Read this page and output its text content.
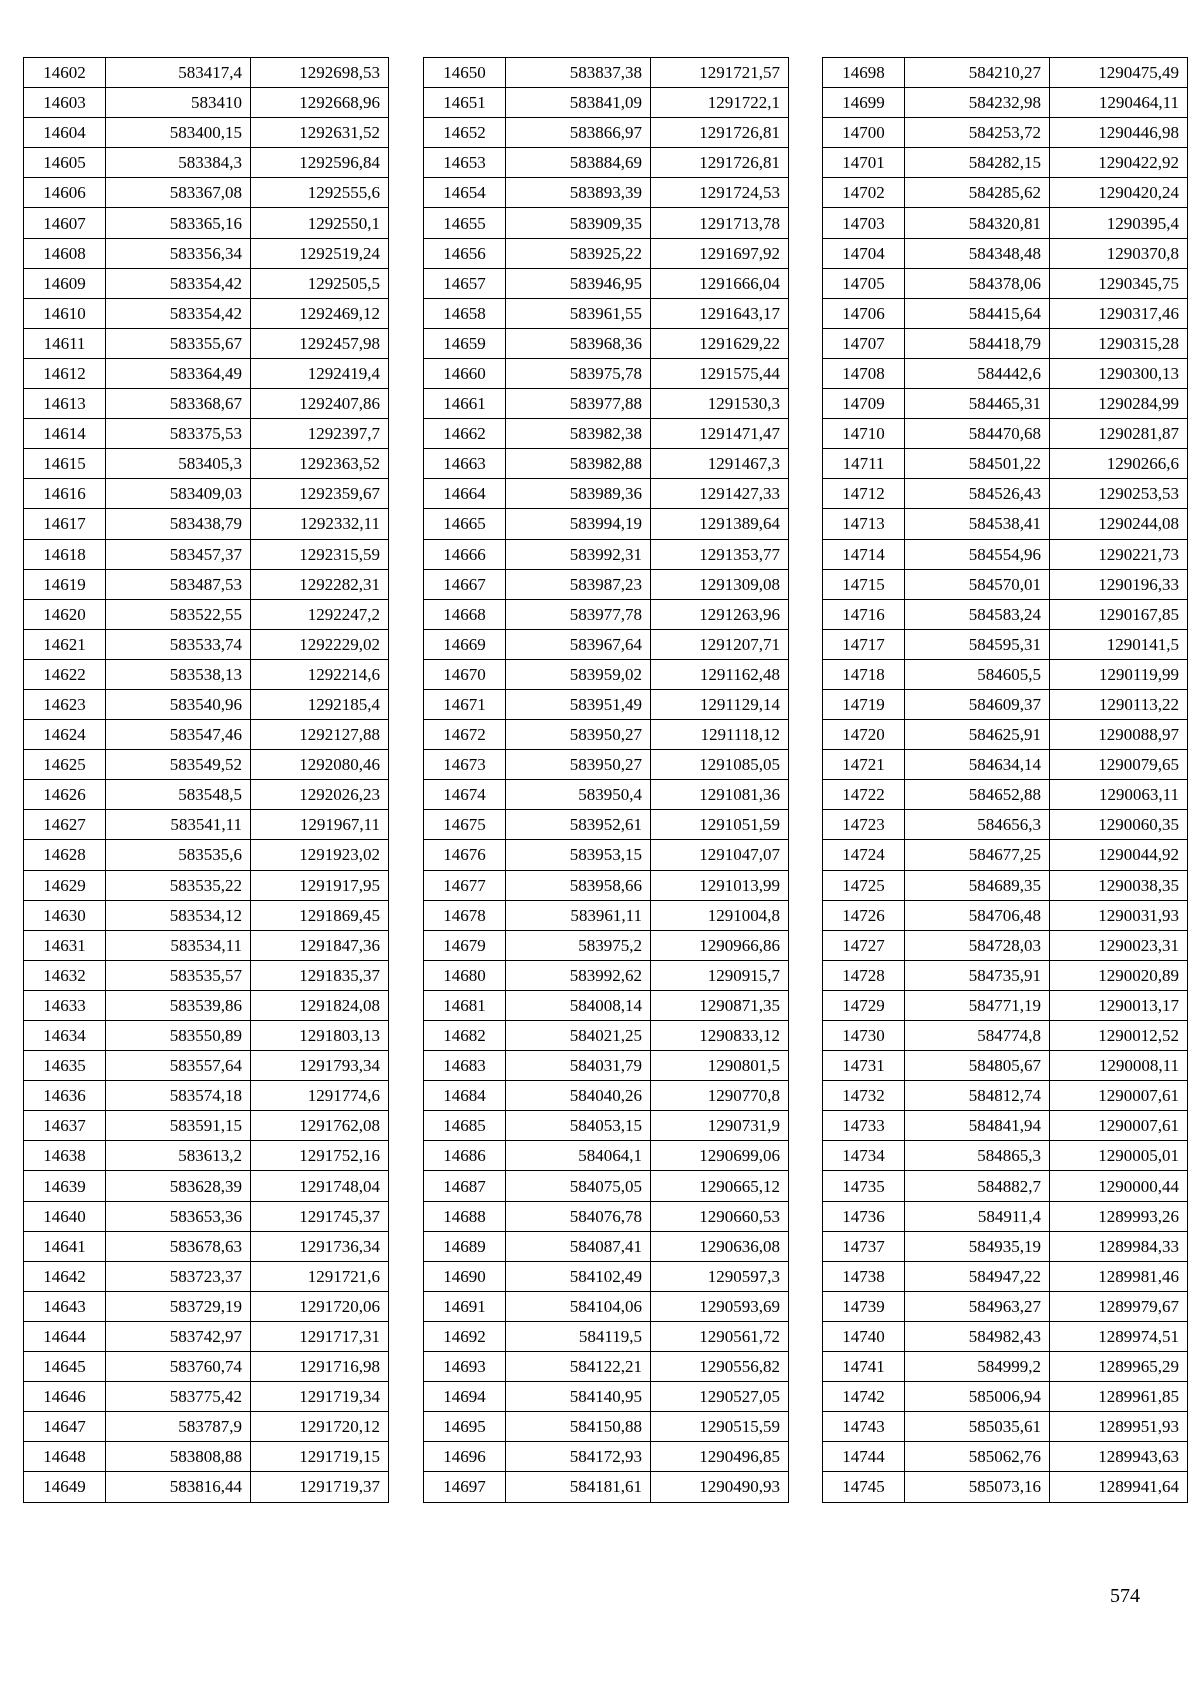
14602	583417,4	1292698,53
14603	583410	1292668,96
14604	583400,15	1292631,52
14605	583384,3	1292596,84
14606	583367,08	1292555,6
14607	583365,16	1292550,1
14608	583356,34	1292519,24
14609	583354,42	1292505,5
14610	583354,42	1292469,12
14611	583355,67	1292457,98
14612	583364,49	1292419,4
14613	583368,67	1292407,86
14614	583375,53	1292397,7
14615	583405,3	1292363,52
14616	583409,03	1292359,67
14617	583438,79	1292332,11
14618	583457,37	1292315,59
14619	583487,53	1292282,31
14620	583522,55	1292247,2
14621	583533,74	1292229,02
14622	583538,13	1292214,6
14623	583540,96	1292185,4
14624	583547,46	1292127,88
14625	583549,52	1292080,46
14626	583548,5	1292026,23
14627	583541,11	1291967,11
14628	583535,6	1291923,02
14629	583535,22	1291917,95
14630	583534,12	1291869,45
14631	583534,11	1291847,36
14632	583535,57	1291835,37
14633	583539,86	1291824,08
14634	583550,89	1291803,13
14635	583557,64	1291793,34
14636	583574,18	1291774,6
14637	583591,15	1291762,08
14638	583613,2	1291752,16
14639	583628,39	1291748,04
14640	583653,36	1291745,37
14641	583678,63	1291736,34
14642	583723,37	1291721,6
14643	583729,19	1291720,06
14644	583742,97	1291717,31
14645	583760,74	1291716,98
14646	583775,42	1291719,34
14647	583787,9	1291720,12
14648	583808,88	1291719,15
14649	583816,44	1291719,37
14650	583837,38	1291721,57
14651	583841,09	1291722,1
14652	583866,97	1291726,81
14653	583884,69	1291726,81
14654	583893,39	1291724,53
14655	583909,35	1291713,78
14656	583925,22	1291697,92
14657	583946,95	1291666,04
14658	583961,55	1291643,17
14659	583968,36	1291629,22
14660	583975,78	1291575,44
14661	583977,88	1291530,3
14662	583982,38	1291471,47
14663	583982,88	1291467,3
14664	583989,36	1291427,33
14665	583994,19	1291389,64
14666	583992,31	1291353,77
14667	583987,23	1291309,08
14668	583977,78	1291263,96
14669	583967,64	1291207,71
14670	583959,02	1291162,48
14671	583951,49	1291129,14
14672	583950,27	1291118,12
14673	583950,27	1291085,05
14674	583950,4	1291081,36
14675	583952,61	1291051,59
14676	583953,15	1291047,07
14677	583958,66	1291013,99
14678	583961,11	1291004,8
14679	583975,2	1290966,86
14680	583992,62	1290915,7
14681	584008,14	1290871,35
14682	584021,25	1290833,12
14683	584031,79	1290801,5
14684	584040,26	1290770,8
14685	584053,15	1290731,9
14686	584064,1	1290699,06
14687	584075,05	1290665,12
14688	584076,78	1290660,53
14689	584087,41	1290636,08
14690	584102,49	1290597,3
14691	584104,06	1290593,69
14692	584119,5	1290561,72
14693	584122,21	1290556,82
14694	584140,95	1290527,05
14695	584150,88	1290515,59
14696	584172,93	1290496,85
14697	584181,61	1290490,93
14698	584210,27	1290475,49
14699	584232,98	1290464,11
14700	584253,72	1290446,98
14701	584282,15	1290422,92
14702	584285,62	1290420,24
14703	584320,81	1290395,4
14704	584348,48	1290370,8
14705	584378,06	1290345,75
14706	584415,64	1290317,46
14707	584418,79	1290315,28
14708	584442,6	1290300,13
14709	584465,31	1290284,99
14710	584470,68	1290281,87
14711	584501,22	1290266,6
14712	584526,43	1290253,53
14713	584538,41	1290244,08
14714	584554,96	1290221,73
14715	584570,01	1290196,33
14716	584583,24	1290167,85
14717	584595,31	1290141,5
14718	584605,5	1290119,99
14719	584609,37	1290113,22
14720	584625,91	1290088,97
14721	584634,14	1290079,65
14722	584652,88	1290063,11
14723	584656,3	1290060,35
14724	584677,25	1290044,92
14725	584689,35	1290038,35
14726	584706,48	1290031,93
14727	584728,03	1290023,31
14728	584735,91	1290020,89
14729	584771,19	1290013,17
14730	584774,8	1290012,52
14731	584805,67	1290008,11
14732	584812,74	1290007,61
14733	584841,94	1290007,61
14734	584865,3	1290005,01
14735	584882,7	1290000,44
14736	584911,4	1289993,26
14737	584935,19	1289984,33
14738	584947,22	1289981,46
14739	584963,27	1289979,67
14740	584982,43	1289974,51
14741	584999,2	1289965,29
14742	585006,94	1289961,85
14743	585035,61	1289951,93
14744	585062,76	1289943,63
14745	585073,16	1289941,64
574
